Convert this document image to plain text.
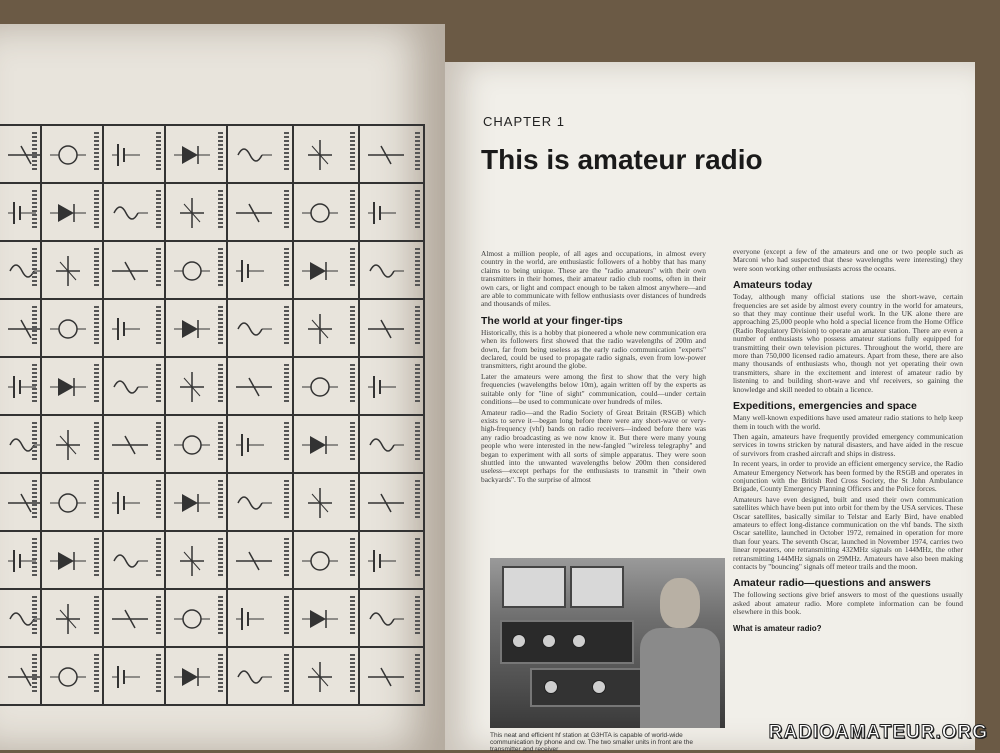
CHAPTER 1
This is amateur radio

Almost a million people, of all ages and occupations, in almost every country in the world, are enthusiastic followers of a hobby that has many claims to being unique. These are the "radio amateurs" with their own transmitters in their homes, their amateur radio club rooms, often in their own cars, or light and compact enough to be taken almost anywhere—and are able to communicate with fellow enthusiasts over distances of hundreds and thousands of miles.

The world at your finger-tips

Historically, this is a hobby that pioneered a whole new communication era when its followers first showed that the radio wavelengths of 200m and down, far from being useless as the early radio communication "experts" declared, could be used to propagate radio signals, even from low-power transmitters, right around the globe.

Later the amateurs were among the first to show that the very high frequencies (wavelengths below 10m), again written off by the experts as suitable only for "line of sight" communication, could—under certain conditions—be used to communicate over hundreds of miles.

Amateur radio—and the Radio Society of Great Britain (RSGB) which exists to serve it—began long before there were any short-wave or very-high-frequency (vhf) bands on radio receivers—indeed before there was any radio broadcasting as we now know it. But there were many young people who were interested in the new-fangled "wireless telegraphy" and began to experiment with all sorts of simple apparatus. They were soon shuttled into the unwanted wavelengths below 200m then considered useless—except perhaps for the enthusiasts to transmit in "their own backyards". To the surprise of almost

everyone (except a few of the amateurs and one or two people such as Marconi who had suspected that these wavelengths were interesting) they were soon working other enthusiasts across the oceans.

Amateurs today

Today, although many official stations use the short-wave, certain frequencies are set aside by almost every country in the world for amateurs, so that they may continue their useful work. In the UK alone there are approaching 25,000 people who hold a special licence from the Home Office (Radio Regulatory Division) to operate an amateur station. There are even a number of enthusiasts who possess amateur stations fully equipped for transmitting their own television pictures. Throughout the world, there are more than 750,000 licensed radio amateurs. Apart from these, there are also many thousands of enthusiasts who, though not yet operating their own transmitters, share in the excitement and interest of amateur radio by listening to and building short-wave and vhf receivers, so gaining the knowledge and skill needed to obtain a licence.

Expeditions, emergencies and space

Many well-known expeditions have used amateur radio stations to help keep them in touch with the world.

Then again, amateurs have frequently provided emergency communication services in towns stricken by natural disasters, and have aided in the rescue of survivors from crashed aircraft and ships in distress.

In recent years, in order to provide an efficient emergency service, the Radio Amateur Emergency Network has been formed by the RSGB and operates in conjunction with the British Red Cross Society, the St John Ambulance Brigade, County Emergency Planning Officers and the Police forces.

Amateurs have even designed, built and used their own communication satellites which have been put into orbit for them by the USA services. These Oscar satellites, basically similar to Telstar and Early Bird, have enabled amateurs to effect long-distance communication on the vhf bands. The sixth Oscar satellite, launched in October 1972, remained in operation for more than four years. The seventh Oscar, launched in November 1974, carries two linear repeaters, one retransmitting 432MHz signals on 144MHz, the other retransmitting 144MHz signals on 29MHz. Amateurs have also been making contacts by "bouncing" signals off meteor trails and the moon.

Amateur radio—questions and answers

The following sections give brief answers to most of the questions usually asked about amateur radio. More complete information can be found elsewhere in this book.

What is amateur radio?
This neat and efficient hf station at G3HTA is capable of world-wide communication by phone and cw. The two smaller units in front are the transmitter and receiver
RADIOAMATEUR.ORG
